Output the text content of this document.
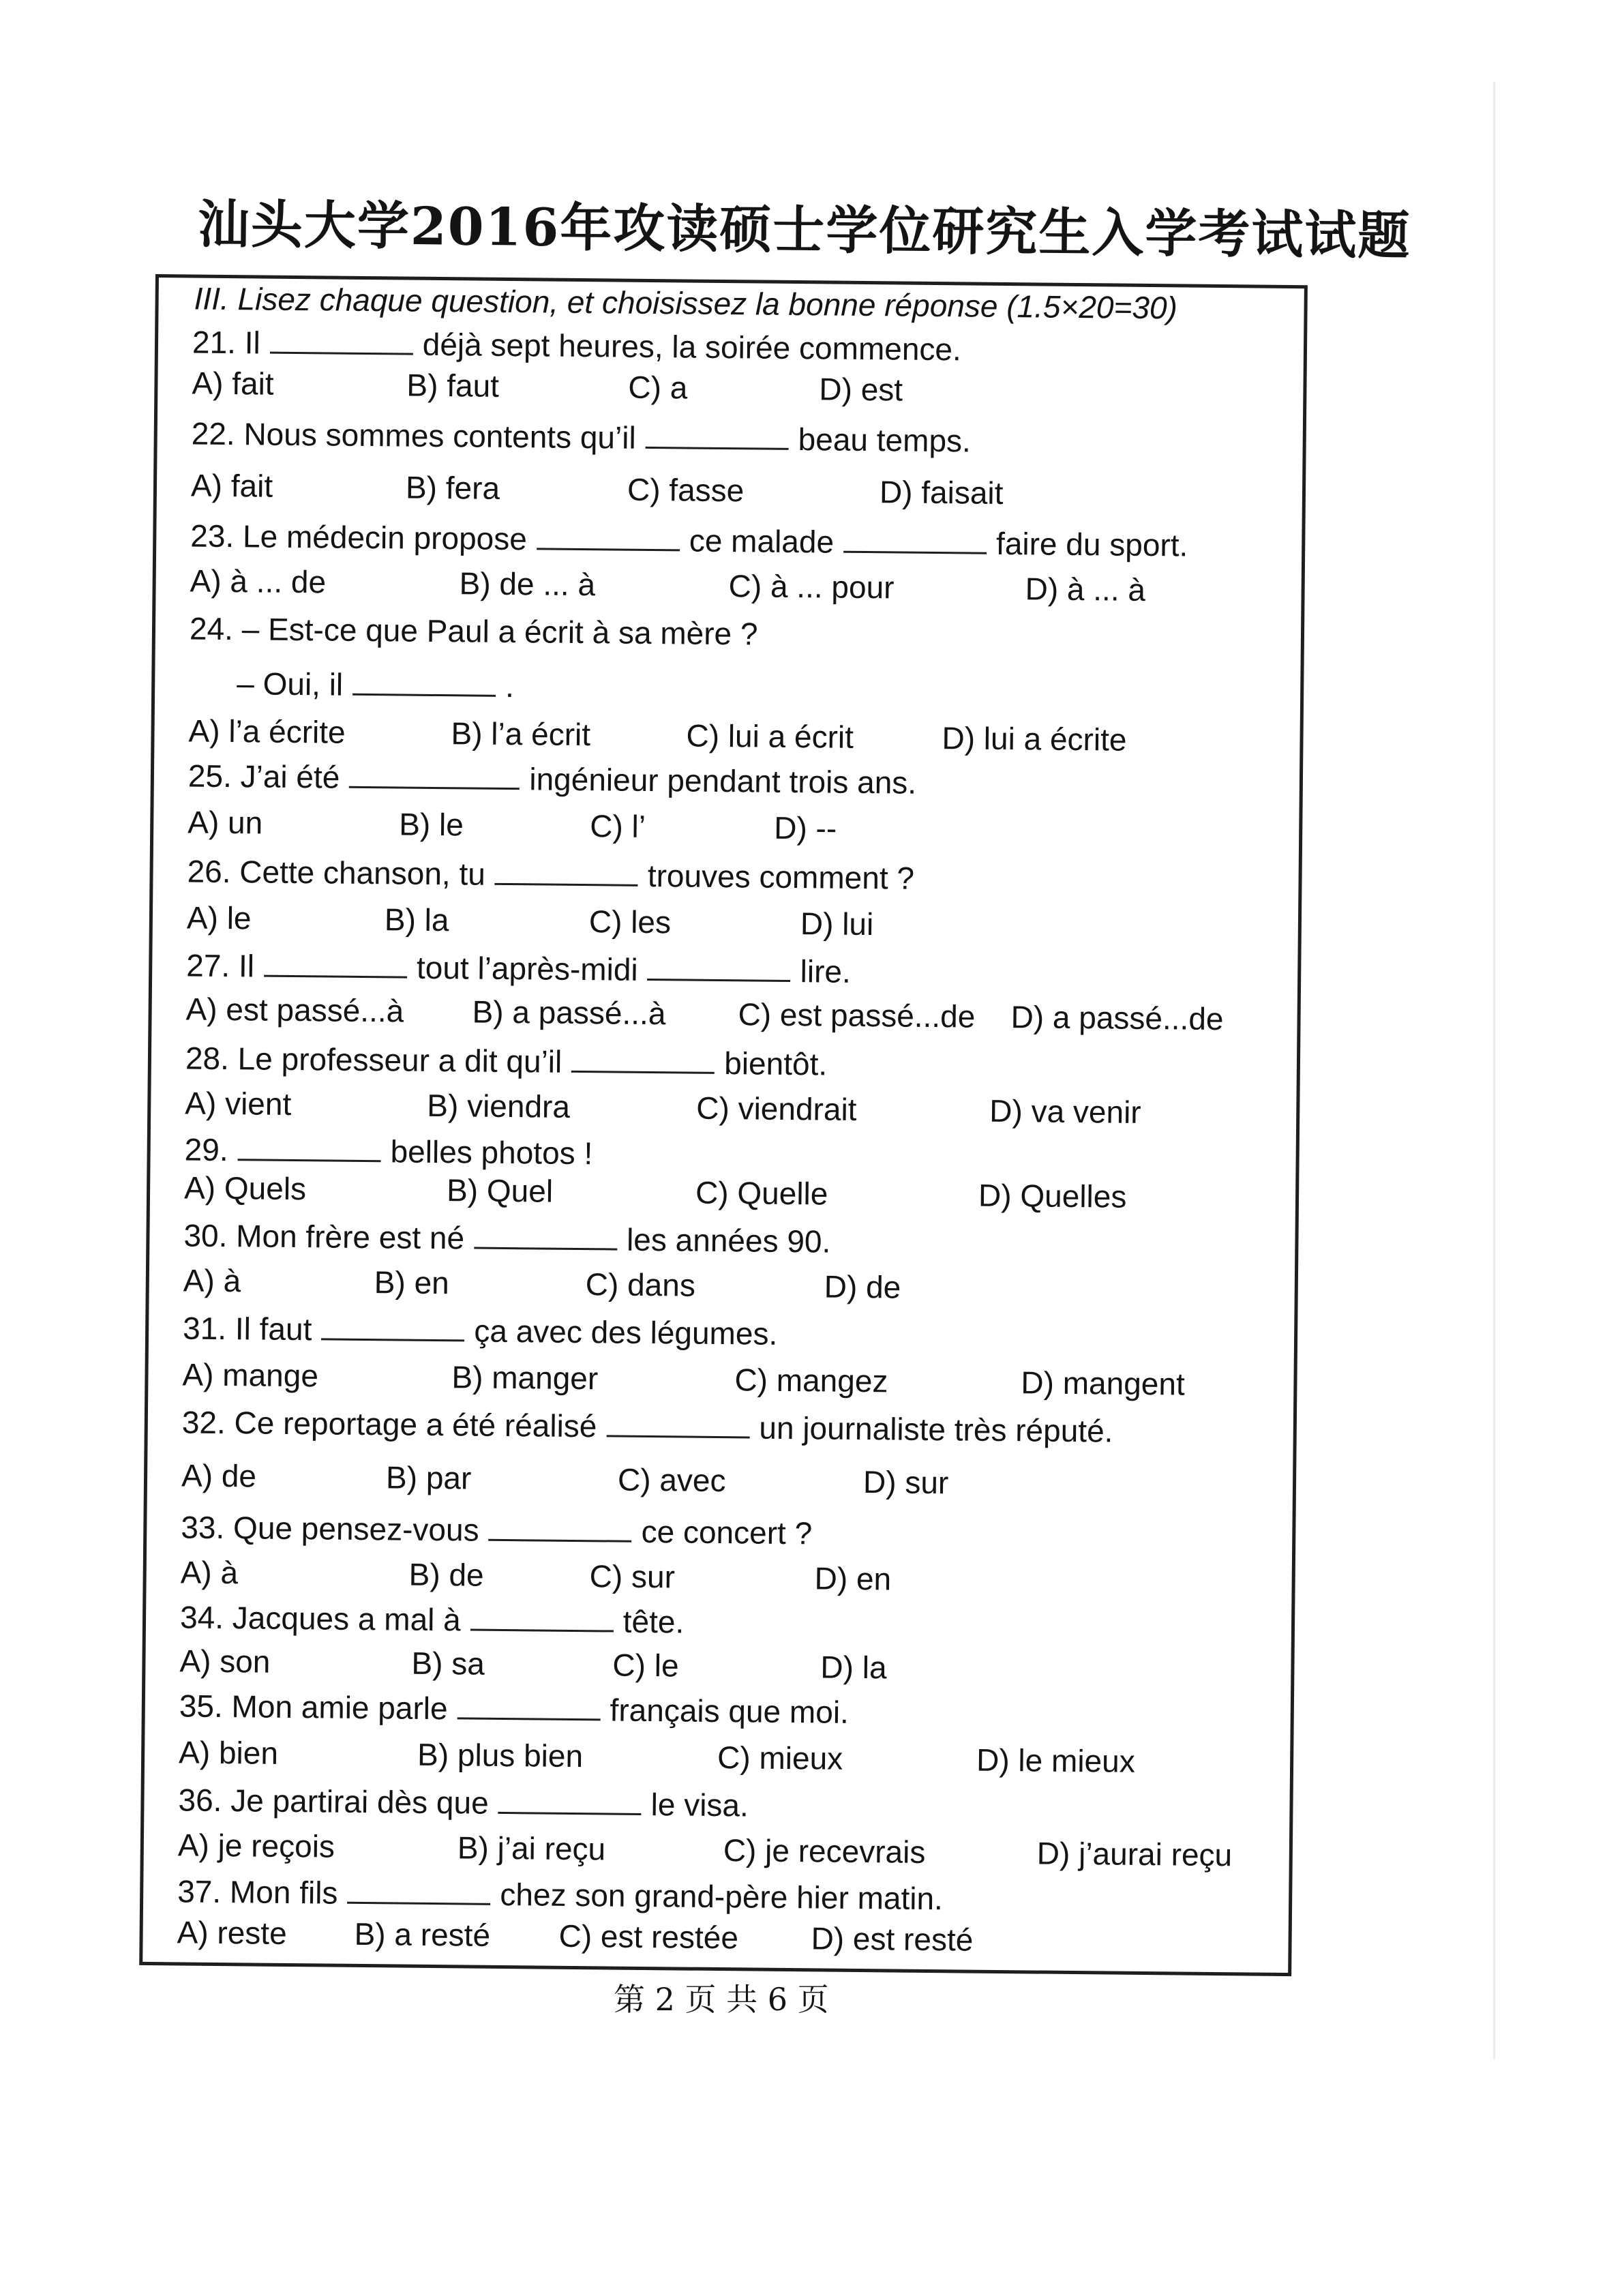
汕头大学2016年攻读硕士学位研究生入学考试试题
III. Lisez chaque question, et choisissez la bonne réponse (1.5×20=30)
21. Il	déjà sept heures, la soirée commence.
A) fait	B) faut	C) a	D) est
22. Nous sommes contents qu’il	beau temps.
A) fait	B) fera	C) fasse	D) faisait
23. Le médecin propose	ce malade	faire du sport.
A) à ... de	B) de ... à	C) à ... pour	D) à ... à
24. – Est-ce que Paul a écrit à sa mère ?
– Oui, il	.
A) l’a écrite	B) l’a écrit	C) lui a écrit	D) lui a écrite
25. J’ai été	ingénieur pendant trois ans.
A) un	B) le	C) l’	D) --
26. Cette chanson, tu	trouves comment ?
A) le	B) la	C) les	D) lui
27. Il	tout l’après-midi	lire.
A) est passé...à B) a passé...à C) est passé...de D) a passé...de
28. Le professeur a dit qu’il	bientôt.
A) vient	B) viendra	C) viendrait	D) va venir
29.	belles photos !
A) Quels	B) Quel	C) Quelle	D) Quelles
30. Mon frère est né	les années 90.
A) à	B) en	C) dans	D) de
31. Il faut	ça avec des légumes.
A) mange	B) manger	C) mangez	D) mangent
32. Ce reportage a été réalisé	un journaliste très réputé.
A) de	B) par	C) avec	D) sur
33. Que pensez-vous	ce concert ?
A) à	B) de	C) sur	D) en
34. Jacques a mal à	tête.
A) son	B) sa	C) le	D) la
35. Mon amie parle	français que moi.
A) bien	B) plus bien	C) mieux	D) le mieux
36. Je partirai dès que	le visa.
A) je reçois	B) j’ai reçu	C) je recevrais	D) j’aurai reçu
37. Mon fils	chez son grand-père hier matin.
A) reste B) a resté C) est restée D) est resté
第 2 页 共 6 页
